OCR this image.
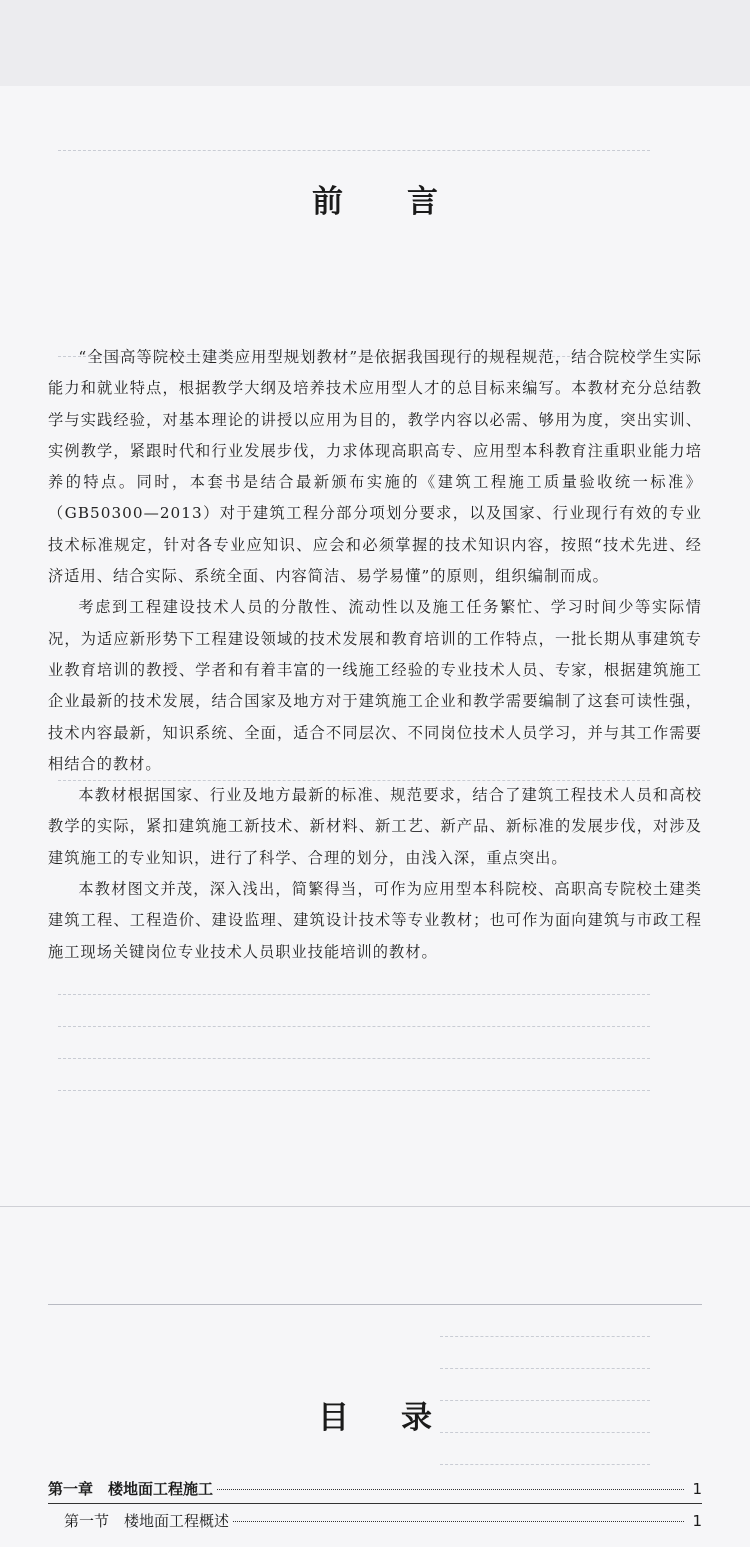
前言

“全国高等院校土建类应用型规划教材”是依据我国现行的规程规范，结合院校学生实际能力和就业特点，根据教学大纲及培养技术应用型人才的总目标来编写。本教材充分总结教学与实践经验，对基本理论的讲授以应用为目的，教学内容以必需、够用为度，突出实训、实例教学，紧跟时代和行业发展步伐，力求体现高职高专、应用型本科教育注重职业能力培养的特点。同时，本套书是结合最新颁布实施的《建筑工程施工质量验收统一标准》（GB50300—2013）对于建筑工程分部分项划分要求，以及国家、行业现行有效的专业技术标准规定，针对各专业应知识、应会和必须掌握的技术知识内容，按照“技术先进、经济适用、结合实际、系统全面、内容简洁、易学易懂”的原则，组织编制而成。

考虑到工程建设技术人员的分散性、流动性以及施工任务繁忙、学习时间少等实际情况，为适应新形势下工程建设领域的技术发展和教育培训的工作特点，一批长期从事建筑专业教育培训的教授、学者和有着丰富的一线施工经验的专业技术人员、专家，根据建筑施工企业最新的技术发展，结合国家及地方对于建筑施工企业和教学需要编制了这套可读性强，技术内容最新，知识系统、全面，适合不同层次、不同岗位技术人员学习，并与其工作需要相结合的教材。

本教材根据国家、行业及地方最新的标准、规范要求，结合了建筑工程技术人员和高校教学的实际，紧扣建筑施工新技术、新材料、新工艺、新产品、新标准的发展步伐，对涉及建筑施工的专业知识，进行了科学、合理的划分，由浅入深，重点突出。

本教材图文并茂，深入浅出，简繁得当，可作为应用型本科院校、高职高专院校土建类建筑工程、工程造价、建设监理、建筑设计技术等专业教材；也可作为面向建筑与市政工程施工现场关键岗位专业技术人员职业技能培训的教材。

目录
第一章　楼地面工程施工	1
第一节　楼地面工程概述	1
